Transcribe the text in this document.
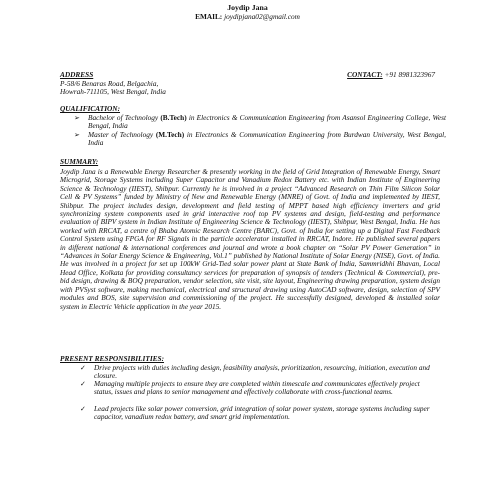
Joydip Jana
EMAIL: joydipjana02@gmail.com
ADDRESS	CONTACT: +91 8981323967
P-58/6 Benaras Road, Belgachia,
Howrah-711105, West Bengal, India
QUALIFICATION:
➢	Bachelor of Technology (B.Tech) in Electronics & Communication Engineering from Asansol Engineering College, West Bengal, India
➢	Master of Technology (M.Tech) in Electronics & Communication Engineering from Burdwan University, West Bengal, India
SUMMARY:

Joydip Jana is a Renewable Energy Researcher & presently working in the field of Grid Integration of Renewable Energy, Smart Microgrid, Storage Systems including Super Capacitor and Vanadium Redox Battery etc. with Indian Institute of Engineering Science & Technology (IIEST), Shibpur. Currently he is involved in a project “Advanced Research on Thin Film Silicon Solar Cell & PV Systems” funded by Ministry of New and Renewable Energy (MNRE) of Govt. of India and implemented by IIEST, Shibpur. The project includes design, development and field testing of MPPT based high efficiency inverters and grid synchronizing system components used in grid interactive roof top PV systems and design, field-testing and performance evaluation of BIPV system in Indian Institute of Engineering Science & Technology (IIEST), Shibpur, West Bengal, India. He has worked with RRCAT, a centre of Bhaba Atomic Research Centre (BARC), Govt. of India for setting up a Digital Fast Feedback Control System using FPGA for RF Signals in the particle accelerator installed in RRCAT, Indore. He published several papers in different national & international conferences and journal and wrote a book chapter on “Solar PV Power Generation” in “Advances in Solar Energy Science & Engineering, Vol.1” published by National Institute of Solar Energy (NISE), Govt. of India. He was involved in a project for set up 100kW Grid-Tied solar power plant at State Bank of India, Sammridhhi Bhavan, Local Head Office, Kolkata for providing consultancy services for preparation of synopsis of tenders (Technical & Commercial), pre-bid design, drawing & BOQ preparation, vendor selection, site visit, site layout, Engineering drawing preparation, system design with PVSyst software, making mechanical, electrical and structural drawing using AutoCAD software, design, selection of SPV modules and BOS, site supervision and commissioning of the project. He successfully designed, developed & installed solar system in Electric Vehicle application in the year 2015.

PRESENT RESPONSIBILITIES:
✓	Drive projects with duties including design, feasibility analysis, prioritization, resourcing, initiation, execution and closure.
✓	Managing multiple projects to ensure they are completed within timescale and communicates effectively project status, issues and plans to senior management and effectively collaborate with cross-functional teams.
✓	Lead projects like solar power conversion, grid integration of solar power system, storage systems including super capacitor, vanadium redox battery, and smart grid implementation.
